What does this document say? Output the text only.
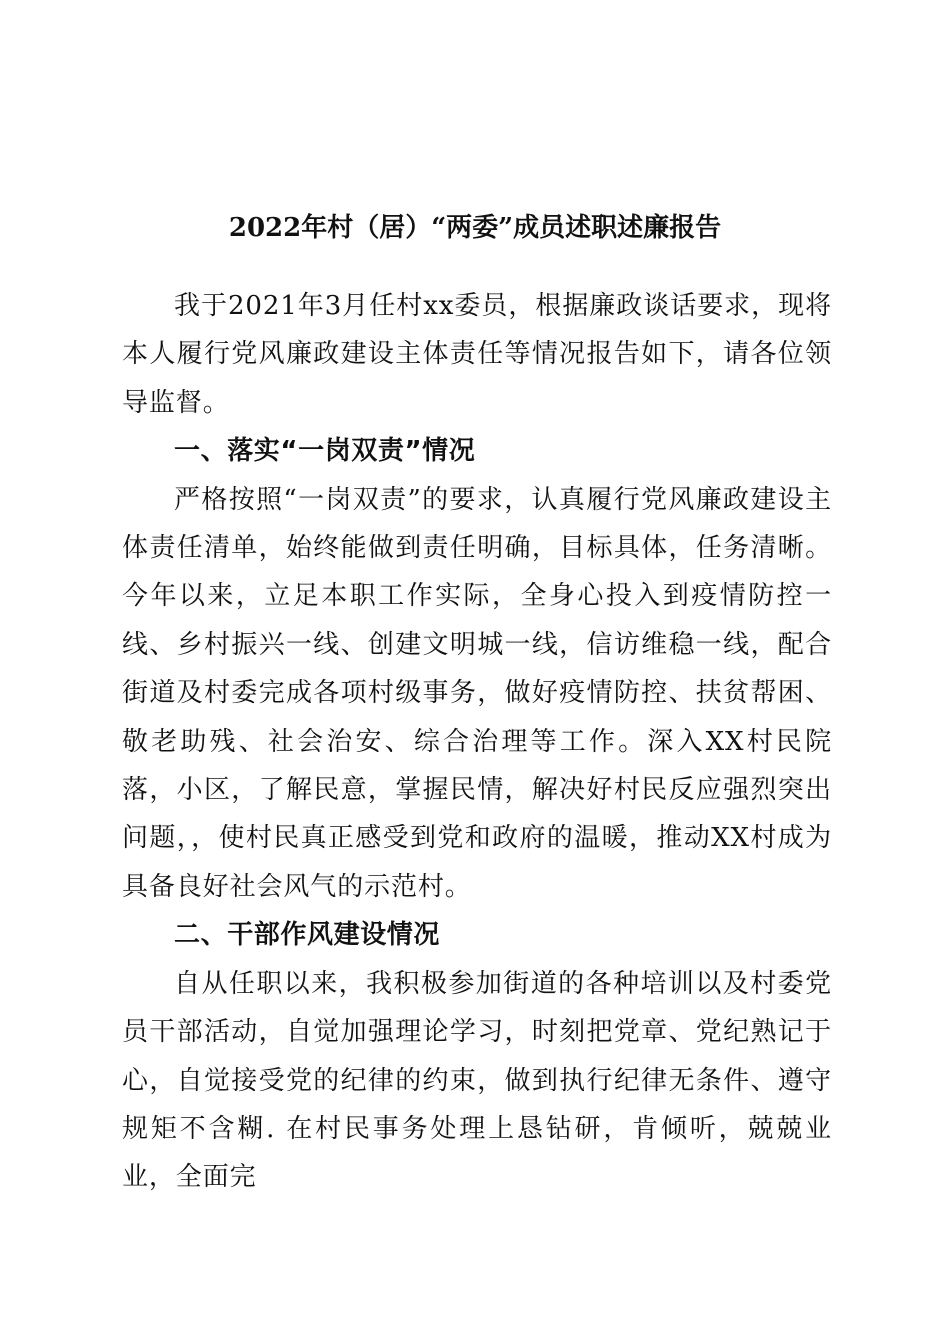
2022年村（居）“两委”成员述职述廉报告

我于2021年3月任村xx委员，根据廉政谈话要求，现将本人履行党风廉政建设主体责任等情况报告如下，请各位领导监督。

一、落实“一岗双责”情况

严格按照“一岗双责”的要求，认真履行党风廉政建设主体责任清单，始终能做到责任明确，目标具体，任务清晰。今年以来，立足本职工作实际，全身心投入到疫情防控一线、乡村振兴一线、创建文明城一线，信访维稳一线，配合街道及村委完成各项村级事务，做好疫情防控、扶贫帮困、敬老助残、社会治安、综合治理等工作。深入XX村民院落，小区，了解民意，掌握民情，解决好村民反应强烈突出问题，，使村民真正感受到党和政府的温暖，推动XX村成为具备良好社会风气的示范村。

二、干部作风建设情况

自从任职以来，我积极参加街道的各种培训以及村委党员干部活动，自觉加强理论学习，时刻把党章、党纪熟记于心，自觉接受党的纪律的约束，做到执行纪律无条件、遵守规矩不含糊. 在村民事务处理上恳钻研，肯倾听，兢兢业业，全面完
